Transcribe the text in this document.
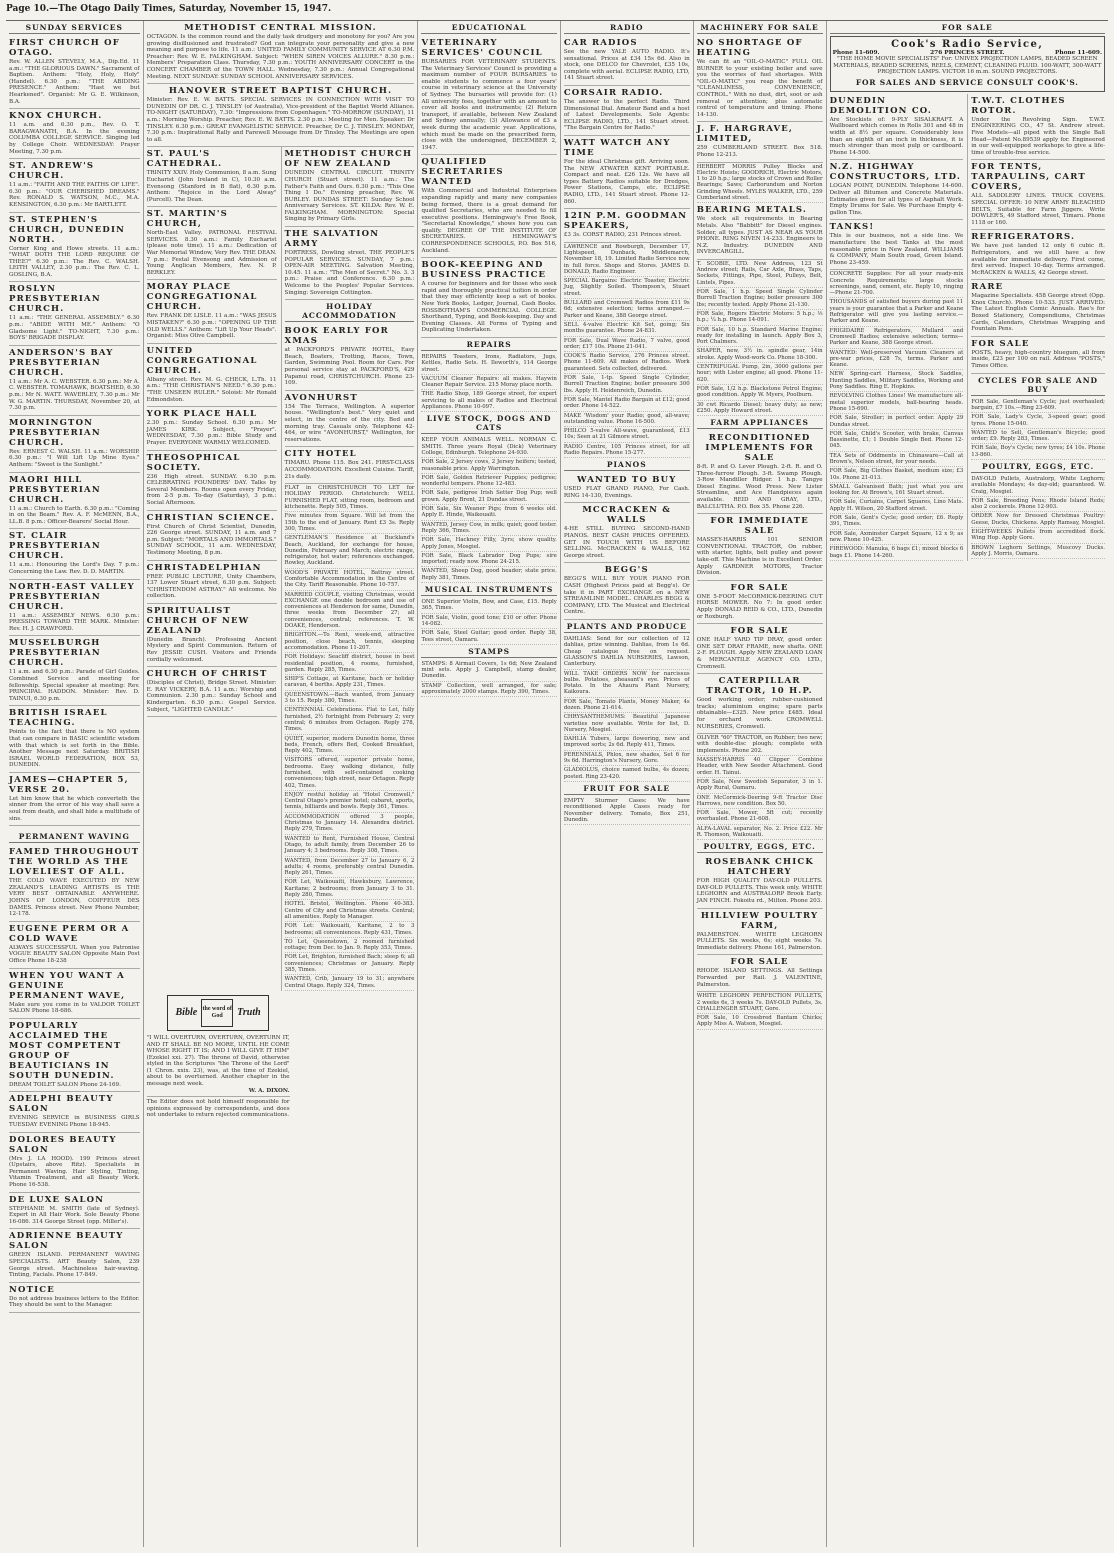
Page 10.—The Otago Daily Times, Saturday, November 15, 1947.
SUNDAY SERVICES
FIRST CHURCH OF OTAGO.
Rev. W. ALLEN STEVELY, M.A., Dip.Ed. 11 a.m.: "THE GLORIOUS DAWN." Sacrament of Baptism. Anthem: "Holy, Holy, Holy" (Handel). 6.30 p.m.: "THE ABIDING PRESENCE." Anthem: "Hast we but Hearkened". Organist: Mr G. E. Wilkinson, B.A.
KNOX CHURCH.
11 a.m. and 6.30 p.m., Rev. O. T. BARAGWANATH, B.A. In the evening COLUMBA COLLEGE SERVICE. Singing led by College Choir. WEDNESDAY: Prayer Meeting, 7.30 p.m.
ST. ANDREW'S CHURCH.
11 a.m.: "FAITH AND THE FAITHS OF LIFE". 6.30 p.m.: "OUR CHERISHED DREAMS." Rev. RONALD S. WATSON, M.C., M.A. KENSINGTON, 6.30 p.m.: Mr BARTLETT.
ST. STEPHEN'S CHURCH, DUNEDIN NORTH.
Corner King and Howe streets. 11 a.m.: "WHAT DOTH THE LORD REQUIRE OF THEE?" 6.30 p.m.: The Rev. C. WALSH. LEITH VALLEY, 2.30 p.m.: The Rev. C. L. GOSLING, B.A.
ROSLYN PRESBYTERIAN CHURCH.
11 a.m.: "THE GENERAL ASSEMBLY." 6.30 p.m.: "ABIDE WITH ME." Anthem: "O Gladsome Light." TO-NIGHT, 7.30 p.m.: BOYS' BRIGADE DISPLAY.
ANDERSON'S BAY PRESBYTERIAN CHURCH.
11 a.m.: Mr A. C. WEBSTER. 6.30 p.m.: Mr A. C. WEBSTER. TOMAHAWK, BOATSHED, 6.30 p.m.: Mr N. WATT. WAVERLEY, 7.30 p.m.: Mr W. G. MARTIN. THURSDAY, November 20, at 7.30 p.m.
MORNINGTON PRESBYTERIAN CHURCH.
Rev. ERNEST C. WALSH. 11 a.m.: WORSHIP. 6.30 p.m.: "I Will Lift Up Mine Eyes." Anthem: "Sweet is the Sunlight."
MAORI HILL PRESBYTERIAN CHURCH.
11 a.m.: Church to Earth. 6.30 p.m.: "Coming in on the Beam." Rev. A. F. McMENN, B.A., LL.B. 8 p.m.: Officer-Bearers' Social Hour.
ST. CLAIR PRESBYTERIAN CHURCH.
11 a.m.: Honouring the Lord's Day. 7 p.m.: Concerning the Law. Rev. D. D. MARTIN.
NORTH-EAST VALLEY PRESBYTERIAN CHURCH.
11 a.m.: ASSEMBLY NEWS. 6.30 p.m.: PRESSING TOWARD THE MARK. Minister: Rev. H. J. CRAWFORD.
MUSSELBURGH PRESBYTERIAN CHURCH.
11 a.m. and 6.30 p.m.: Parade of Girl Guides. Combined Service and meeting for fellowship. Special speaker at meeting: Rev. PRINCIPAL HADDON. Minister: Rev. D. TAINUI, 6.30 p.m.
BRITISH ISRAEL TEACHING.
Points to the fact that there is NO system that can compare in BASIC scientific wisdom with that which is set forth in the Bible. Another Message next Saturday. BRITISH ISRAEL WORLD FEDERATION, BOX 53, DUNEDIN.
JAMES—CHAPTER 5, VERSE 20.
Let him know that he which converteth the sinner from the error of his way shall save a soul from death, and shall hide a multitude of sins.
PERMANENT WAVING
FAMED THROUGHOUT THE WORLD AS THE LOVELIEST OF ALL.
THE COLD WAVE EXECUTED BY NEW ZEALAND'S LEADING ARTISTS IS THE VERY BEST OBTAINABLE ANYWHERE. JOHNS OF LONDON, COIFFEUR DES DAMES. Princes street. New Phone Number, 12-178.
EUGENE PERM OR A COLD WAVE
ALWAYS SUCCESSFUL When you Patronise VOGUE BEAUTY SALON Opposite Main Post Office Phone 18-238
WHEN YOU WANT A GENUINE PERMANENT WAVE,
Make sure you come in to VALDOR TOILET SALON Phone 18-686.
POPULARLY ACCLAIMED THE MOST COMPETENT GROUP OF BEAUTICIANS IN SOUTH DUNEDIN.
DREAM TOILET SALON Phone 24-169.
ADELPHI BEAUTY SALON
EVENING SERVICE in BUSINESS GIRLS TUESDAY EVENING Phone 18-945.
DOLORES BEAUTY SALON
(Mrs J. LA HOOD). 199 Princes street (Upstairs, above Ritz). Specialists in Permanent Waving. Hair Styling, Tinting, Vitamin Treatment, and all Beauty Work. Phone 16-538.
DE LUXE SALON
STEPHANIE M. SMITH (late of Sydney). Expert in All Hair Work. Sole Beauty Phone 16-086. 314 George Street (opp. Miller's).
ADRIENNE BEAUTY SALON
GREEN ISLAND. PERMANENT WAVING SPECIALISTS. ART Beauty Salon, 239 George street. Machineless hair-waving. Tinting, Facials. Phone 17-849.
NOTICE
Do not address business letters to the Editor. They should be sent to the Manager.
METHODIST CENTRAL MISSION.
OCTAGON. Is the common round and the daily task drudgery and monotony for you? Are you growing disillusioned and frustrated? God can integrate your personality and give a new meaning and purpose to life. 11 a.m.: UNITED FAMILY COMMUNITY SERVICE AT 6.30 P.M. Preacher: Rev. W. E. FALKINGHAM. Subject: "WHEN SIREN VOICES ALLURE." 8.30 p.m.: Members' Preparation Class. Thursday, 7.30 p.m.: YOUTH ANNIVERSARY CONCERT in the CONCERT CHAMBER of the TOWN HALL. Wednesday, 7.30 p.m.: Annual Congregational Meeting. NEXT SUNDAY: SUNDAY SCHOOL ANNIVERSARY SERVICES.
HANOVER STREET BAPTIST CHURCH.
Minister: Rev. E. W. BATTS. SPECIAL SERVICES IN CONNECTION WITH VISIT TO DUNEDIN OF DR. C. J. TINSLEY (of Australia), Vice-president of the Baptist World Alliance. TO-NIGHT (SATURDAY), 7.30: "Impressions from Copenhagen." TO-MORROW (SUNDAY), 11 a.m.: Morning Worship. Preacher, Rev. E. W. BATTS. 2.30 p.m.: Meeting for Men. Speaker: Dr TINSLEY. 6.30 p.m.: GREAT EVANGELISTIC SERVICE. Preacher, Dr C. J. TINSLEY. MONDAY, 7.30 p.m.: Inspirational Rally and Farewell Message from Dr Tinsley. The Meetings are open to all.
ST. PAUL'S CATHEDRAL.
TRINITY XXIV. Holy Communion, 8 a.m. Sung Eucharist (John Ireland in C), 10.30 a.m. Evensong (Stanford in B flat), 6.30 p.m. Anthem: "Rejoice in the Lord Alway" (Purcell). The Dean.
ST. MARTIN'S CHURCH,
North-East Valley. PATRONAL FESTIVAL SERVICES. 8.30 a.m.: Family Eucharist (please note time). 11 a.m.: Dedication of War Memorial Window, Very Rev. THE DEAN. 7 p.m.: Festal Evensong and Admission of Young Anglican Members, Rev. N. P. BERKLEY.
MORAY PLACE CONGREGATIONAL CHURCH.
Rev. FRANK DE LISLE. 11 a.m.: "WAS JESUS MISTAKEN?" 6.30 p.m.: "OPENING UP THE OLD WELLS." Anthem: "Lift Up Your Heads". Organist: Miss Olive Campbell.
UNITED CONGREGATIONAL CHURCH.
Albany street. Rev. M. G. CHECK, L.Th. 11 a.m.: "THE CHRISTIAN'S NEED." 6.30 p.m.: "THE UNSEEN RULER." Soloist: Mr Ronald Edmondston.
YORK PLACE HALL
2.30 p.m.: Sunday School. 6.30 p.m.: Mr JAMES KIRK. Subject, "Prayer". WEDNESDAY, 7.30 p.m.: Bible Study and Prayer. EVERYONE WARMLY WELCOMED.
THEOSOPHICAL SOCIETY.
236 High street. SUNDAY. 6.30 p.m. CELEBRATING FOUNDERS' DAY. Talks by Several Members. Rooms open every Friday, from 2-5 p.m. To-day (Saturday), 3 p.m.: Social Afternoon.
CHRISTIAN SCIENCE.
First Church of Christ Scientist, Dunedin, 226 George street. SUNDAY, 11 a.m. and 7 p.m. Subject: "MORTALS AND IMMORTALS." SUNDAY SCHOOL, 11 a.m. WEDNESDAY, Testimony Meeting, 8 p.m.
CHRISTADELPHIAN
FREE PUBLIC LECTURE, Unity Chambers, 137 Lower Stuart street, 6.30 p.m. Subject: "CHRISTENDOM ASTRAY." All welcome. No collection.
SPIRITUALIST CHURCH OF NEW ZEALAND
(Dunedin Branch). Professing Ancient Mystery and Spirit Communion. Return of Rev JESSIE CUSH. Visitors and Friends cordially welcomed.
CHURCH OF CHRIST
(Disciples of Christ), Bridge Street. Minister: E. RAY VICKERY, B.A. 11 a.m.: Worship and Communion. 2.30 p.m.: Sunday School and Kindergarten. 6.30 p.m.: Gospel Service. Subject, "LIGHTED CANDLE."
METHODIST CHURCH OF NEW ZEALAND
DUNEDIN CENTRAL CIRCUIT. TRINITY CHURCH (Stuart street). 11 a.m.: The Father's Faith and Ours. 6.30 p.m.: "This One Thing I Do." Evening preacher, Rev. W. BURLEY. DUNDAS STREET: Sunday School Anniversary Services. ST. KILDA: Rev. W. E. FALKINGHAM. MORNINGTON: Special Singing by Primary Girls.
THE SALVATION ARMY
FORTRESS, Dowling street. THE PEOPLE'S POPULAR SERVICES. SUNDAY, 7 p.m.: OPEN-AIR MEETING. Salvation Meeting, 10.45. 11 a.m.: "The Men of Secret." No. 3. 3 p.m.: Praise and Conference. 6.30 p.m.: Welcome to the Peoples' Popular Services. Singing: Sovereign Cottington.
HOLIDAY ACCOMMODATION
BOOK EARLY FOR XMAS
at PACKFORD'S PRIVATE HOTEL, Easy Beach, Boaters, Trotting, Races, Town, Garden, Swimming Pool. Room for Cars. For personal service stay at PACKFORD'S, 429 Papanui road, CHRISTCHURCH. Phone 23-109.
AVONHURST
154 The Terrace, Wellington. A superior house. "Wellington's best." Very quiet and select, in the centre of the city. Bed and morning tray. Casuals only. Telephone 42-464, or wire "AVONHURST," Wellington, for reservations.
CITY HOTEL
TIMARU. Phone 115. Box 241. FIRST-CLASS ACCOMMODATION. Excellent Cuisine. Tariff, 21s daily.
FLAT in CHRISTCHURCH TO LET for HOLIDAY PERIOD. Christchurch: WELL FURNISHED FLAT, sitting room, bedroom and kitchenette. Reply 505, Times.
Five minutes from Square. Will let from the 15th to the end of January. Rent £3 3s. Reply 300, Times.
GENTLEMAN'S Residence at Buckland's Beach, Auckland, for exchange for house, Dunedin, February and March; electric range, refrigerator, hot water; references exchanged. Rowley, Auckland.
WOOD'S PRIVATE HOTEL, Battray street. Comfortable Accommodation in the Centre of the City. Tariff Reasonable. Phone 10-757.
MARRIED COUPLE, visiting Christmas, would EXCHANGE one double bedroom and use of conveniences at Henderson for same, Dunedin, three weeks from December 27; all conveniences, central; references. T. W. DOAKE, Henderson.
BRIGHTON.—To Rent, week-end, attractive position, close beach, tennis, sleeping accommodation. Phone 11-207.
FOR Holidays: Seacliff district, house in best residential position, 4 rooms, furnished, garden. Reply 285, Times.
SHIP'S Cottage, at Karitane, bach or holiday caravan, 4 berths. Apply 231, Times.
QUEENSTOWN.—Bach wanted, from January 3 to 15. Reply 380, Times.
CENTENNIAL Celebrations. Flat to Let, fully furnished, 2½ fortnight from February 2; very central; 6 minutes from Octagon. Reply 278, Times.
QUIET, superior, modern Dunedin home, three beds, French, offers Bed, Cooked Breakfast, Reply 402, Times.
VISITORS offered, superior private home, bedrooms. Easy walking distance, fully furnished, with self-contained cooking conveniences; high street, near Octagon. Reply 402, Times.
ENJOY restful holiday at "Hotel Cromwell," Central Otago's premier hotel; cabaret, sports, tennis, billiards and bowls. Reply 361, Times.
ACCOMMODATION offered 3 people, Christmas to January 14. Alexandra district. Reply 279, Times.
WANTED to Rent, Furnished House, Central Otago, to adult family, from December 26 to January 4; 3 bedrooms. Reply 308, Times.
WANTED, from December 27 to January 6, 2 adults; 4 rooms, preferably central Dunedin. Reply 261, Times.
FOR Let, Waikouaiti, Hawksbury, Lawrence, Karitane; 2 bedrooms; from January 3 to 31. Reply 280, Times.
HOTEL Bristol, Wellington. Phone 40-383. Centre of City and Christmas streets. Central; all amenities. Reply to Manager.
FOR Let: Waikouaiti, Karitane, 2 to 3 bedrooms; all conveniences. Reply 431, Times.
TO Let, Queenstown, 2 roomed furnished cottage; from Dec. to Jan. 9. Reply 353, Times.
FOR Let, Brighton, furnished Bach; sleep 6; all conveniences; Christmas or January. Reply 385, Times.
WANTED, Crib, January 19 to 31; anywhere Central Otago. Reply 324, Times.
Bible the word of God	Truth
"I WILL OVERTURN, OVERTURN, OVERTURN IT, AND IT SHALL BE NO MORE, UNTIL HE COME WHOSE RIGHT IT IS; AND I WILL GIVE IT HIM" (Ezekiel xxi. 27). The throne of David, otherwise styled in the Scriptures "the Throne of the Lord" (1 Chron. xxix. 23), was, at the time of Ezekiel, about to be overturned. Another chapter in the message next week.
W. A. DIXON.
The Editor does not hold himself responsible for opinions expressed by correspondents, and does not undertake to return rejected communications.
EDUCATIONAL
VETERINARY SERVICES' COUNCIL
BURSARIES FOR VETERINARY STUDENTS. The Veterinary Services' Council is providing a maximum number of FOUR BURSARIES to enable students to commence a four years' course in veterinary science at the University of Sydney. The bursaries will provide for: (1) All university fees, together with an amount to cover all books and instruments; (2) Return transport, if available, between New Zealand and Sydney annually; (3) Allowance of £3 a week during the academic year. Applications, which must be made on the prescribed form, close with the undersigned, DECEMBER 2, 1947.
QUALIFIED SECRETARIES WANTED
With Commercial and Industrial Enterprises expanding rapidly and many new companies being formed, there is a great demand for qualified Secretaries, who are needed to fill executive positions. Hemingway's Free Book, "Secretarial Knowledge," shows how you can qualify. DEGREE OF THE INSTITUTE OF SECRETARIES. HEMINGWAY'S CORRESPONDENCE SCHOOLS, P.O. Box 516, Auckland.
BOOK-KEEPING AND BUSINESS PRACTICE
A course for beginners and for those who seek rapid and thoroughly practical tuition in order that they may efficiently keep a set of books. New York Books, Ledger, Journal, Cash Books. ROSSBOTHAM'S COMMERCIAL COLLEGE. Shorthand, Typing, and Book-keeping. Day and Evening Classes. All Forms of Typing and Duplicating Undertaken.
REPAIRS
REPAIRS Toasters, Irons, Radiators, Jugs, Kettles, Radio Sets. H. Ileworth's, 114 George street.
VACUUM Cleaner Repairs: all makes. Haywin Cleaner Repair Service. 215 Moray place north.
THE Radio Shop, 189 George street, for expert servicing to all makes of Radios and Electrical Appliances. Phone 10-097.
LIVE STOCK, DOGS AND CATS
KEEP YOUR ANIMALS WELL. NORMAN C. SMITH. Three years Royal (Dick) Veterinary College, Edinburgh. Telephone 24-930.
FOR Sale, 2 Jersey cows, 2 Jersey heifers; tested, reasonable price. Apply Warrington.
FOR Sale, Golden Retriever Puppies; pedigree; wonderful tempers. Phone 12-483.
FOR Sale, pedigree Irish Setter Dog Pup; well grown. Apply Brent, 21 Dundas street.
FOR Sale, Six Weaner Pigs; from 6 weeks old. Apply E. Hinde, Waikouaiti.
WANTED, Jersey Cow, in milk; quiet; good tester. Reply 366, Times.
FOR Sale, Hackney Filly, 3yrs; show quality. Apply Jones, Mosgiel.
FOR Sale, Black Labrador Dog Pups; sire imported; ready now. Phone 24-215.
WANTED, Sheep Dog, good header; state price. Reply 381, Times.
MUSICAL INSTRUMENTS
ONE Superior Violin, Bow, and Case, £15. Reply 365, Times.
FOR Sale, Violin, good tone; £10 or offer. Phone 14-082.
FOR Sale, Steel Guitar; good order. Reply 38, Tees street, Oamaru.
STAMPS
STAMPS: 8 Airmail Covers, 1s 6d; New Zealand mint sets. Apply J. Campbell, stamp dealer, Dunedin.
STAMP Collection, well arranged, for sale; approximately 2000 stamps. Reply 390, Times.
RADIO
CAR RADIOS
See the new YALE AUTO RADIO. It's sensational. Prices at £34 15s 6d. Also in stock, one DELCO for Chevrolet, £35 10s, complete with aerial. ECLIPSE RADIO, LTD, 141 Stuart street.
CORSAIR RADIO.
The answer to the perfect Radio. Third Dimensional Dial. Amateur Band and a host of Latest Developments. Sole Agents: ECLIPSE RADIO, LTD., 141 Stuart street. "The Bargain Centre for Radio."
WATT WATCH ANY TIME
For the ideal Christmas gift. Arriving soon. The NEW ATWATER KENT PORTABLE. Compact and neat. £26 12s. We have all types Battery Radios suitable for Dredges, Power Stations, Camps, etc. ECLIPSE RADIO, LTD., 141 Stuart street. Phone 12-860.
12IN P.M. GOODMAN SPEAKERS,
£3 3s. CORST RADIO, 231 Princes street.
LAWRENCE and Rowburgh, December 17, Lightspeed, Dunback, Middlemarch, November 18, 19. Limited Radio Service now in full force. Shops and Stores. JAMES D. DONALD, Radio Engineer.
SPECIAL Bargains: Electric Toaster, Electric Jug, Slightly Soiled. Thompson's, Stuart street.
BULLARD and Cromwell Radios from £11 9s 6d; extensive selection; terms arranged.—Parker and Keane, 388 George street.
SELL 4-valve Electric Kit Set, going; Six months guarantee. Phone 24-831.
FOR Sale, Dual Wave Radio, 7 valve, good order; £17 10s. Phone 21-041.
COOK'S Radio Service, 276 Princes street. Phone 11-609. All makes of Radios. Work guaranteed. Sets collected, delivered.
FOR Sale, 1-tp. Speed Single Cylinder, Burrell Traction Engine; boiler pressure 300 lbs. Apply H. Heidenreich, Dunedin.
FOR Sale, Mantel Radio Bargain at £12; good order. Phone 14-522.
MAKE 'Wisdom' your Radio; good, all-wave; outstanding value. Phone 16-500.
PHILCO 5-valve All-wave, guaranteed, £13 10s; Seen at 21 Gilmore street.
RADIO Centre, 105 Princes street, for all Radio Repairs. Phone 15-277.
PIANOS
WANTED TO BUY
USED FLAT GRAND PIANO, For Cash. RING 14-130, Evenings.
MCCRACKEN & WALLS
4-HE STILL BUYING SECOND-HAND PIANOS. BEST CASH PRICES OFFERED. GET IN TOUCH WITH US BEFORE SELLING. McCRACKEN & WALLS, 162 George street.
BEGG'S
BEGG'S WILL BUY YOUR PIANO FOR CASH (Highest Prices paid at Begg's). Or take it in PART EXCHANGE on a NEW STREAMLINE MODEL. CHARLES BEGG & COMPANY, LTD. The Musical and Electrical Centre.
PLANTS AND PRODUCE
DAHLIAS: Send for our collection of 12 dahlias, prize winning. Dahlias, from 1s 6d. Cheap catalogue free on request. GLASSON'S DAHLIA NURSERIES, Lawson, Canterbury.
WILL TAKE ORDERS NOW for narcissus bulbs. Potatoes, pheasant's eye. Prices of Potato. In the Ahaura Plant Nursery, Kaikoura.
FOR Sale, Tomato Plants, Money Maker, 4s dozen. Phone 21-614.
CHRYSANTHEMUMS: Beautiful Japanese varieties now available. Write for list, D. Nursery, Mosgiel.
DAHLIA Tubers, large flowering, new and improved sorts; 2s 6d. Reply 411, Times.
PERENNIALS, Phlox, new shades, Set 6 for 9s 6d. Harrington's Nursery, Gore.
GLADIOLUS, choice named bulbs, 4s dozen; posted. Ring 23-420.
FRUIT FOR SALE
EMPTY Sturmer Cases: We have reconditioned Apple Cases ready for November delivery. Tomato, Box 251, Dunedin.
MACHINERY FOR SALE
NO SHORTAGE OF HEATING
We can fit an "OIL-O-MATIC" FULL OIL BURNER to your existing boiler and save you the worries of fuel shortages. With "OIL-O-MATIC" you reap the benefit of "CLEANLINESS, CONVENIENCE, CONTROL." With no dust, dirt, soot or ash removal or attention; plus automatic control of temperature and timing. Phone 14-130.
J. F. HARGRAVE, LIMITED,
259 CUMBERLAND STREET. Box 518. Phone 12-213.
HERBERT MORRIS Pulley Blocks and Electric Hoists; GOODRICH, Electric Motors, 1 to 20 h.p.; large stocks of Crown and Roller Bearings; Saws; Carborundum and Norton Grinding Wheels. MYLES WALKER, LTD., 259 Cumberland street.
BEARING METALS.
We stock all requirements in Bearing Metals. Also "Babbitt" for Diesel engines. Solder, all types. JUST AS NEAR AS YOUR PHONE. RING NIVEN 14-233. Engineers to N.Z. Industry. DUNEDIN AND INVERCARGILL.
T. SCOBIE, LTD. New Address, 123 St Andrew street; Rails, Car Axle, Brass, Taps, Sockets, Fittings, Pipe, Steel, Pulleys, Belt, Lintels, Pipes.
FOR Sale, 1 h.p. Speed Single Cylinder Burrell Traction Engine; boiler pressure 300 lbs; recently tested. Apply Phone 21-130.
FOR Sale, Rogers Electric Motors: 5 h.p.; ⅓ h.p.; ¼ h.p. Phone 14-091.
FOR Sale, 10 h.p. Standard Marine Engine; ready for installing in launch. Apply Box 3, Port Chalmers.
SHAPER, new, 3½ in. spindle gear, 14in stroke. Apply Wood-work Co. Phone 18-300.
CENTRIFUGAL Pump, 2in, 3000 gallons per hour; with Lister engine; all good. Phone 11-620.
FOR Sale, 1/2 h.p. Blackstone Petrol Engine; good condition. Apply W. Myers, Poolburn.
30 cwt Ricardo Diesel; heavy duty; as new; £250. Apply Howard street.
FARM APPLIANCES
RECONDITIONED IMPLEMENTS FOR SALE
8-ft. P. and O. Lever Plough. 2-ft. R. and O. Three-furrow Plough. 3-ft. Swamp Plough. 3-Row Mandiller Ridger. 1 h.p. Tangye Diesel Engine. Wood Press. New Lister Streamline, and Ace Handpieces again available. REID AND GRAY, LTD., BALCLUTHA. P.O. Box 35. Phone 226.
FOR IMMEDIATE SALE
MASSEY-HARRIS 101 SENIOR CONVENTIONAL TRACTOR, On rubber, with starter, lights, belt pulley and power take-off. This Machine is in Excellent Order. Apply GARDNER MOTORS, Tractor Division.
FOR SALE
ONE 5-FOOT McCORMICK-DEERING CUT HORSE MOWER. No 7: In good order. Apply DONALD REID & CO., LTD., Dunedin or Roxburgh.
FOR SALE
ONE HALF YARD TIP DRAY, good order. ONE SET DRAY FRAME, new shafts. ONE 2-F. PLOUGH. Apply NEW ZEALAND LOAN & MERCANTILE AGENCY CO. LTD., Cromwell.
CATERPILLAR TRACTOR, 10 H.P.
Good working order; rubber-cushioned tracks; aluminium engine; spare parts obtainable—£325. New price £485. Ideal for orchard work. CROMWELL NURSERIES, Cromwell.
OLIVER "60" TRACTOR, on Rubber; two new; with double-disc plough; complete with implements. Phone 202.
MASSEY-HARRIS 40 Clipper Combine Header, with New Seeder Attachment. Good order. H. Tainui.
FOR Sale, New Swedish Separator, 3 in 1. Apply Rural, Oamaru.
ONE McCormick-Deering 9-ft Tractor Disc Harrows, new condition. Box 50.
FOR Sale, Mower, 5ft cut; recently overhauled. Phone 21-608.
ALFA-LAVAL separator, No. 2. Price £22. Mr R. Thomson, Waikouaiti.
POULTRY, EGGS, ETC.
ROSEBANK CHICK HATCHERY
FOR HIGH QUALITY DAY-OLD PULLETS. DAY-OLD PULLETS. This week only. WHITE LEGHORN and AUSTRALORP Brook Early. JAN FINCH. Fokoitu rd., Milton. Phone 203.
HILLVIEW POULTRY FARM,
PALMERSTON. WHITE LEGHORN PULLETS. Six weeks, 6s; eight weeks 7s. Immediate delivery. Phone 161, Palmerston.
FOR SALE
RHODE ISLAND SETTINGS. All Settings Forwarded per Rail. J. VALENTINE, Palmerston.
WHITE LEGHORN PERFECTION PULLETS, 2 weeks 6s, 3 weeks 7s. DAY-OLD Pullets, 3s. CHALLENGER STUART, Gore.
FOR Sale, 10 Crossbred Bantam Chicks; Apply Miss A. Watson, Mosgiel.
FOR SALE
Cook's Radio Service,
Phone 11-609.	276 PRINCES STREET.	Phone 11-609.
"THE HOME MOVIE SPECIALISTS" For: UNIVEX PROJECTION LAMPS, BEADED SCREEN MATERIALS, BEADED SCREENS, REELS, CEMENT, CLEANING FLUID. 100-WATT, 300-WATT PROJECTION LAMPS. VICTOR 16 m.m. SOUND PROJECTORS.
FOR SALES AND SERVICE CONSULT COOK'S.
DUNEDIN DEMOLITION CO.
Are Stockists of: 9-PLY SISALKRAFT. A Wallboard which comes in Rolls 301 and 48 in width at 8½ per square. Considerably less than an eighth of an inch in thickness, it is much stronger than most pulp or cardboard. Phone 14-500.
N.Z. HIGHWAY CONSTRUCTORS, LTD.
LOGAN POINT, DUNEDIN. Telephone 14-600. Deliver all Bitumen and Concrete Materials. Estimates given for all types of Asphalt Work. Empty Drums for Sale. We Purchase Empty 4-gallon Tins.
TANKS!
This is our business, not a side line. We manufacture the best Tanks at the most reasonable price in New Zealand. WILLIAMS & COMPANY, Main South road, Green Island. Phone 23-459.
CONCRETE Supplies: For all your ready-mix Concrete Requirements; large stocks screenings, sand, cement, etc. Reply 10, ringing—Phone 21-700.
THOUSANDS of satisfied buyers during past 11 years is your guarantee that a Parker and Keane Refrigerator will give you lasting service.—Parker and Keane.
FRIGIDAIRE Refrigerators, Mullard and Cromwell Radios; extensive selection; terms—Parker and Keane, 388 George street.
WANTED: Well-preserved Vacuum Cleaners at pre-war prices, £28 7s, terms. Parker and Keane.
NEW Spring-cart Harness, Stock Saddles, Hunting Saddles, Military Saddles, Working and Pony Saddles. Ring E. Hopkins.
REVOLVING Clothes Lines! We manufacture all-metal superior models, ball-bearing heads. Phone 15-690.
FOR Sale, Stroller; in perfect order. Apply 29 Dundas street.
FOR Sale, Child's Scooter, with brake, Canvas Bassinette, £1; 1 Double Single Bed. Phone 12-045.
TEA Sets of Oddments in Chinaware—Call at Brown's, Nelson street, for your needs.
FOR Sale, Big Clothes Basket, medium size; £3 10s. Phone 21-013.
SMALL Galvanised Bath; just what you are looking for. At Brown's, 161 Stuart street.
FOR Sale, Curtains, Carpet Squares, Lino Mats. Apply H. Wilson, 20 Stafford street.
FOR Sale, Gent's Cycle; good order; £6. Reply 391, Times.
FOR Sale, Axminster Carpet Square, 12 x 9; as new. Phone 10-425.
FIREWOOD: Manuka, 6 bags £1; mixed blocks 6 bags £1. Phone 14-260.
T.W.T. CLOTHES ROTOR.
Under the Revolving Sign. T.W.T. ENGINEERING CO., 47 St. Andrew street. Five Models—all piped with the Single Ball Head—Patent No.89539 apply for. Engineered in our well-equipped workshops to give a life-time of trouble-free service.
FOR TENTS, TARPAULINS, CART COVERS,
ALL SADDLERY LINES. TRUCK COVERS. SPECIAL OFFER: 10 NEW ARMY BLEACHED BELTS, Suitable for Farm Jiggers. Write DOWLER'S, 49 Stafford street, Timaru. Phone 1118 or 160.
REFRIGERATORS.
We have just landed 12 only 6 cubic ft. Refrigerators, and we still have a few available for immediate delivery. First come, first served. Inspect 10-day. Terms arranged. McRACKEN & WALLS, 42 George street.
RARE
Magazine Specialists. 458 George street (Opp. Knox Church). Phone 10-533. JUST ARRIVED: The Latest English Comic Annuals. Rae's for Boxed Stationery, Compendiums, Christmas Cards, Calendars, Christmas Wrapping and Fountain Pens.
FOR SALE
POSTS, heavy, high-country bluegum, all from inside, £23 per 100 on rail. Address "POSTS," Times Office.
CYCLES FOR SALE AND BUY
FOR Sale, Gentleman's Cycle; just overhauled; bargain, £7 10s.—Ring 23-609.
FOR Sale, Lady's Cycle, 3-speed gear; good tyres. Phone 15-040.
WANTED to Sell, Gentleman's Bicycle; good order; £9. Reply 283, Times.
FOR Sale, Boy's Cycle; new tyres; £4 10s. Phone 13-860.
POULTRY, EGGS, ETC.
DAY-OLD Pullets, Australorp, White Leghorn; available Mondays; 4s day-old; guaranteed. W. Craig, Mosgiel.
FOR Sale, Breeding Pens; Rhode Island Reds; also 2 cockerels. Phone 12-903.
ORDER Now for Dressed Christmas Poultry: Geese, Ducks, Chickens. Apply Ramsay, Mosgiel.
EIGHT-WEEKS Pullets from accredited flock. Wing Hop. Apply Gore.
BROWN Leghorn Settings, Muscovy Ducks. Apply J. Morris, Oamaru.
